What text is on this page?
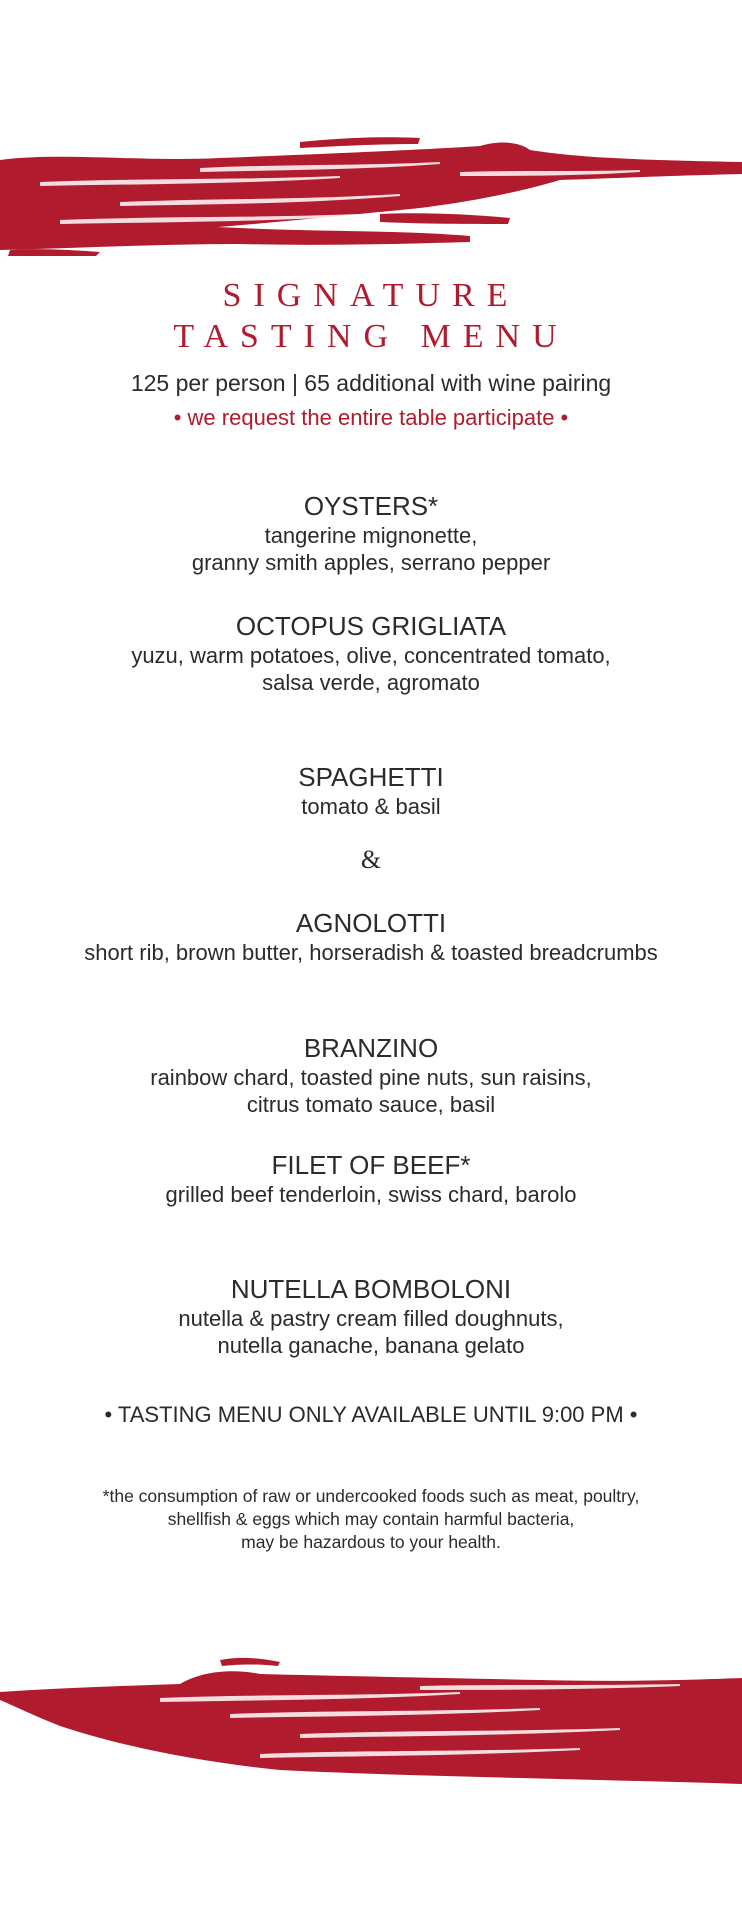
SIGNATURE
TASTING MENU
125 per person | 65 additional with wine pairing
• we request the entire table participate •
OYSTERS*
tangerine mignonette,
granny smith apples, serrano pepper
OCTOPUS GRIGLIATA
yuzu, warm potatoes, olive, concentrated tomato,
salsa verde, agromato
SPAGHETTI
tomato & basil
&
AGNOLOTTI
short rib, brown butter, horseradish & toasted breadcrumbs
BRANZINO
rainbow chard, toasted pine nuts, sun raisins,
citrus tomato sauce, basil
FILET OF BEEF*
grilled beef tenderloin, swiss chard, barolo
NUTELLA BOMBOLONI
nutella & pastry cream filled doughnuts,
nutella ganache, banana gelato
• TASTING MENU ONLY AVAILABLE UNTIL 9:00 PM •
*the consumption of raw or undercooked foods such as meat, poultry,
shellfish & eggs which may contain harmful bacteria,
may be hazardous to your health.
